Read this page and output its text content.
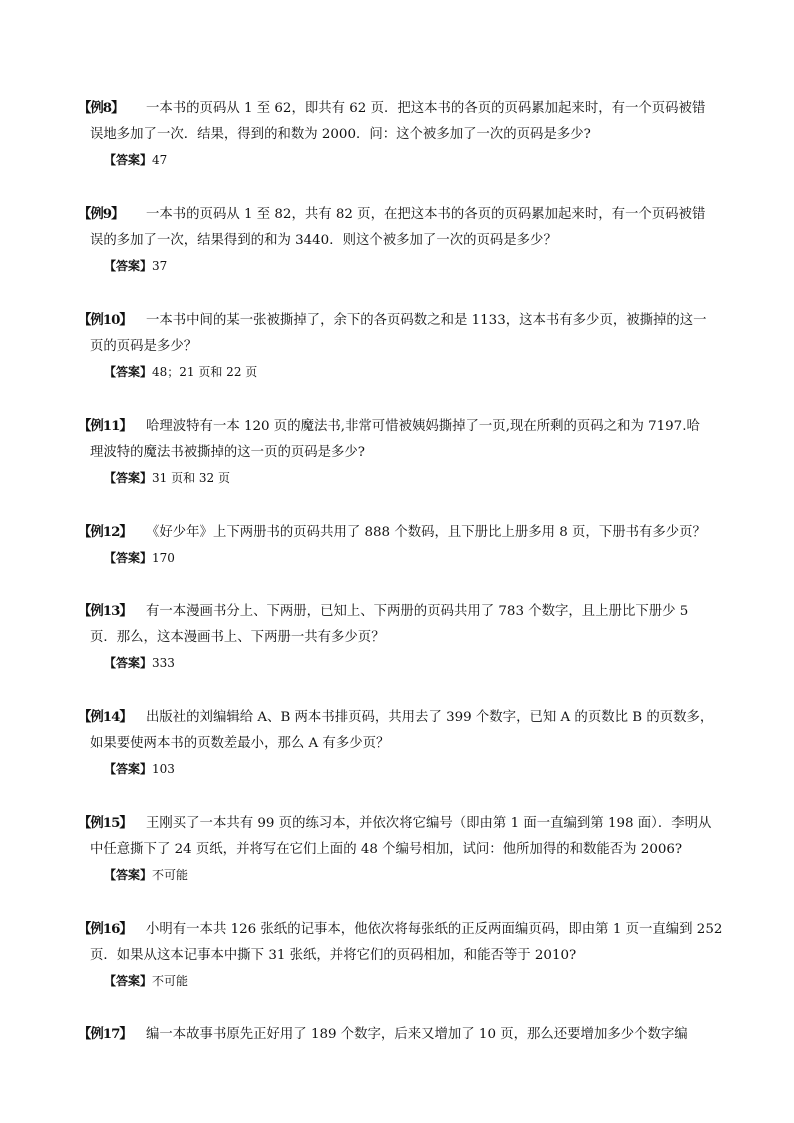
【例8】 一本书的页码从 1 至 62，即共有 62 页．把这本书的各页的页码累加起来时，有一个页码被错
误地多加了一次．结果，得到的和数为 2000．问：这个被多加了一次的页码是多少?
【答案】47
【例9】 一本书的页码从 1 至 82，共有 82 页，在把这本书的各页的页码累加起来时，有一个页码被错
误的多加了一次，结果得到的和为 3440．则这个被多加了一次的页码是多少？
【答案】37
【例10】 一本书中间的某一张被撕掉了，余下的各页码数之和是 1133，这本书有多少页，被撕掉的这一
页的页码是多少？
【答案】48；21 页和 22 页
【例11】 哈理波特有一本 120 页的魔法书,非常可惜被姨妈撕掉了一页,现在所剩的页码之和为 7197.哈
理波特的魔法书被撕掉的这一页的页码是多少?
【答案】31 页和 32 页
【例12】 《好少年》上下两册书的页码共用了 888 个数码，且下册比上册多用 8 页，下册书有多少页？
【答案】170
【例13】 有一本漫画书分上、下两册，已知上、下两册的页码共用了 783 个数字，且上册比下册少 5
页．那么，这本漫画书上、下两册一共有多少页？
【答案】333
【例14】 出版社的刘编辑给 A、B 两本书排页码，共用去了 399 个数字，已知 A 的页数比 B 的页数多，
如果要使两本书的页数差最小，那么 A 有多少页？
【答案】103
【例15】 王刚买了一本共有 99 页的练习本，并依次将它编号（即由第 1 面一直编到第 198 面）．李明从
中任意撕下了 24 页纸，并将写在它们上面的 48 个编号相加，试问：他所加得的和数能否为 2006?
【答案】不可能
【例16】 小明有一本共 126 张纸的记事本，他依次将每张纸的正反两面编页码，即由第 1 页一直编到 252
页．如果从这本记事本中撕下 31 张纸，并将它们的页码相加，和能否等于 2010?
【答案】不可能
【例17】 编一本故事书原先正好用了 189 个数字，后来又增加了 10 页，那么还要增加多少个数字编
